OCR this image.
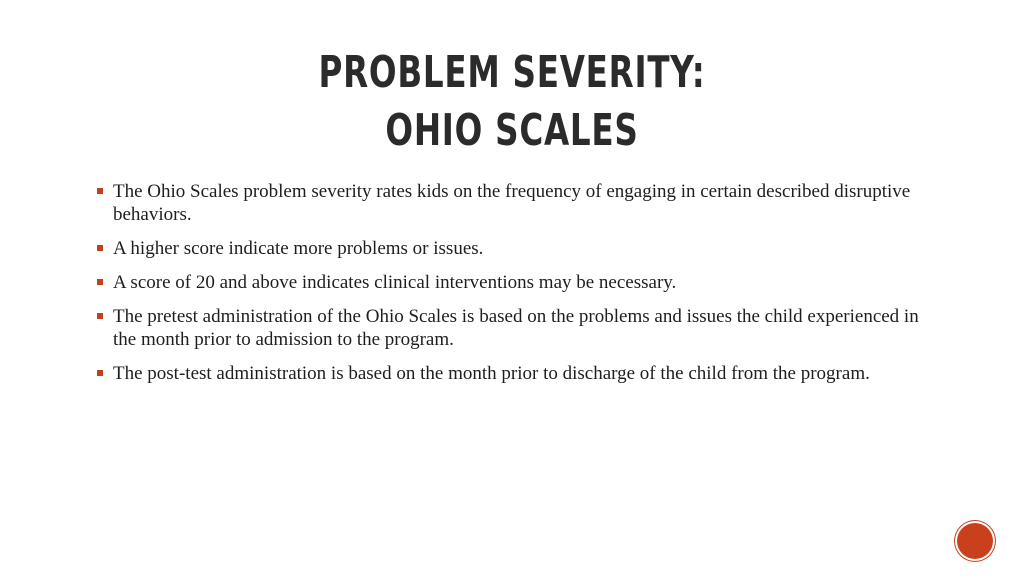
PROBLEM SEVERITY:
OHIO SCALES
The Ohio Scales problem severity rates kids on the frequency of engaging in certain described disruptive behaviors.
A higher score indicate more problems or issues.
A score of 20 and above indicates clinical interventions may be necessary.
The pretest administration of the Ohio Scales is based on the problems and issues the child experienced in the month prior to admission to the program.
The post-test administration is based on the month prior to discharge of the child from the program.
